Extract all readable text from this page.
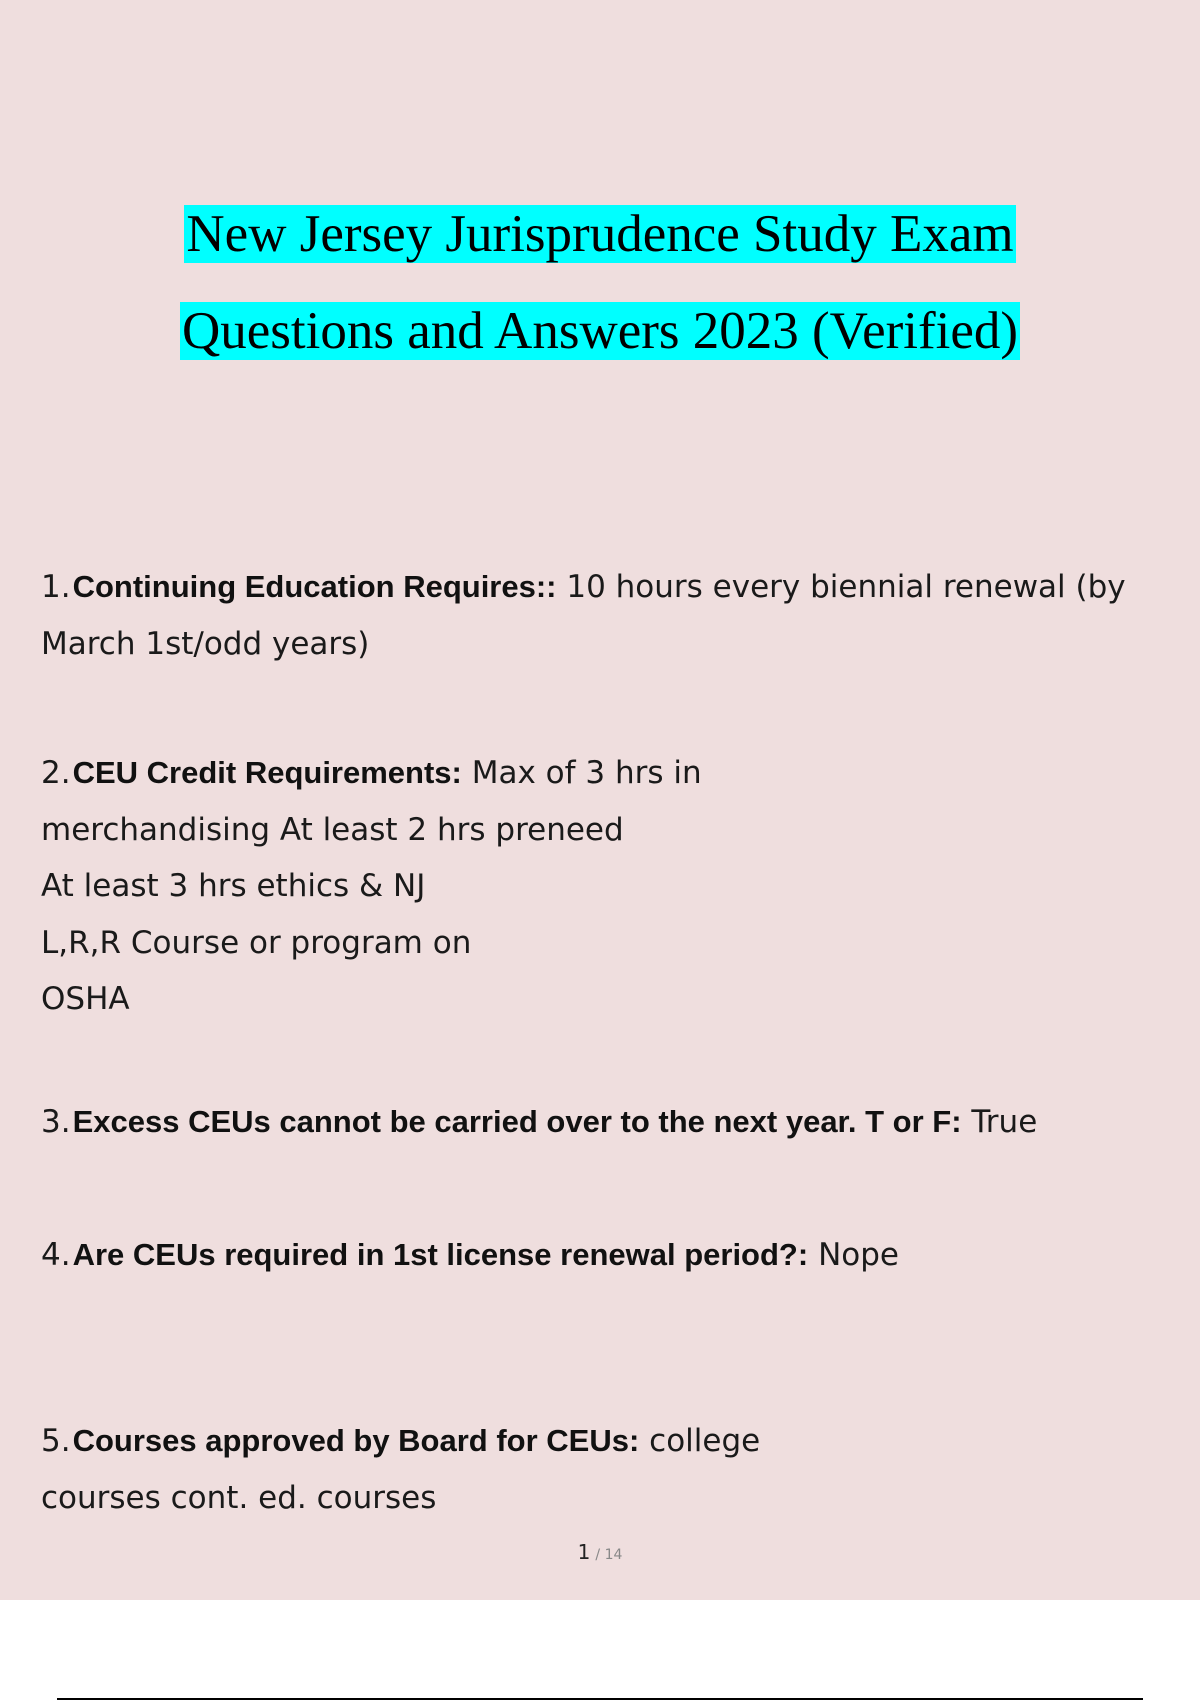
New Jersey Jurisprudence Study Exam
Questions and Answers 2023 (Verified)
1.Continuing Education Requires:: 10 hours every biennial renewal (by
March 1st/odd years)
2.CEU Credit Requirements: Max of 3 hrs in
merchandising At least 2 hrs preneed
At least 3 hrs ethics & NJ
L,R,R Course or program on
OSHA
3.Excess CEUs cannot be carried over to the next year. T or F: True
4.Are CEUs required in 1st license renewal period?: Nope
5.Courses approved by Board for CEUs: college
courses cont. ed. courses
1 / 14
